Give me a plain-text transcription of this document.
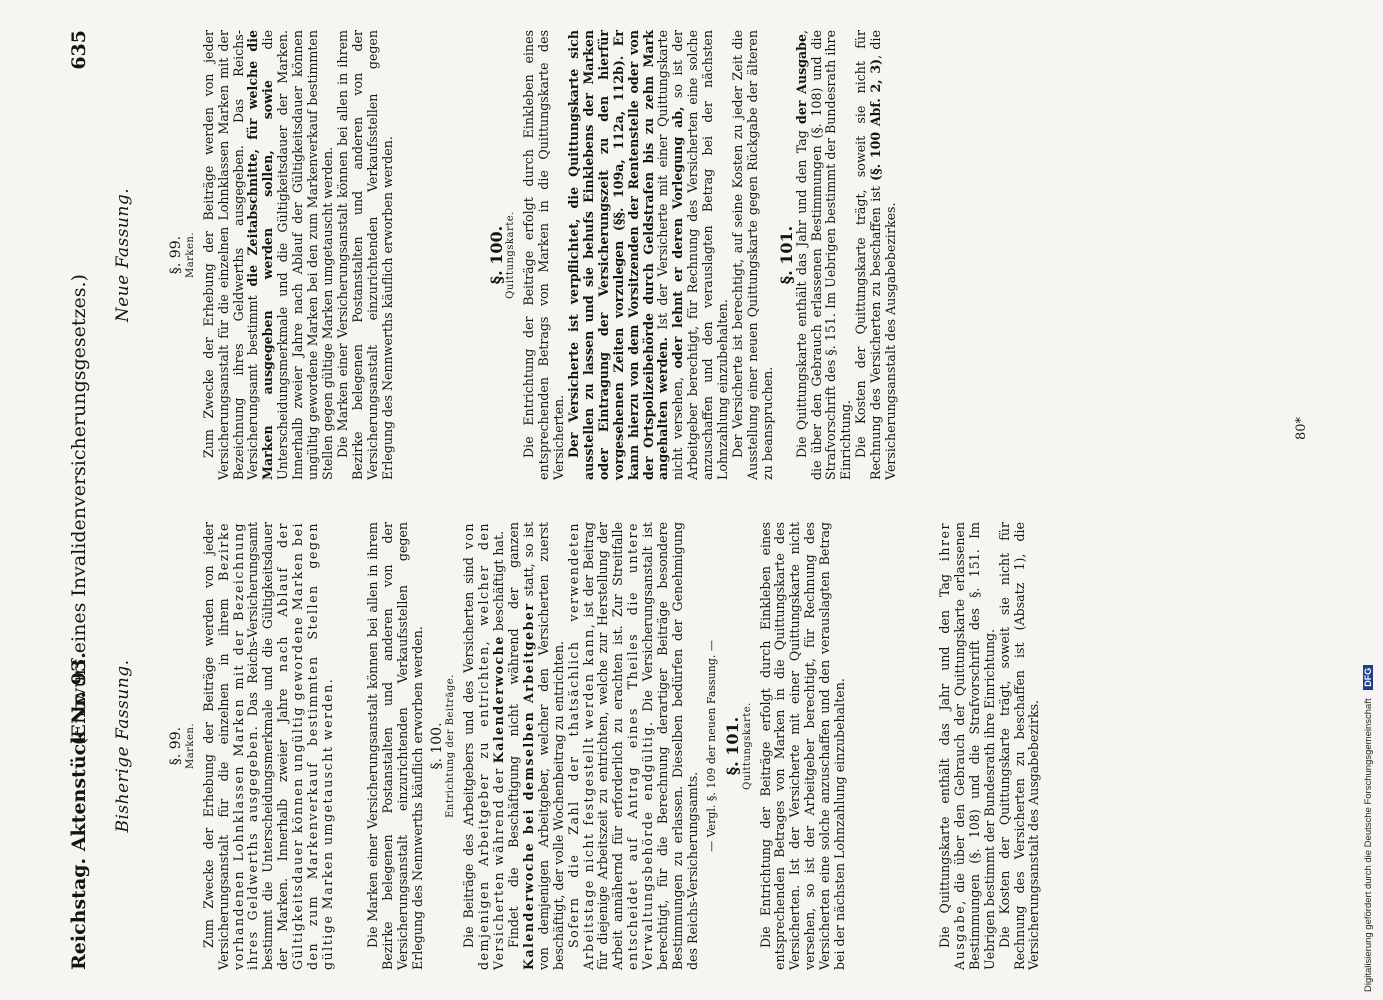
Reichstag. Aktenstück Nr. 93.
(Entwurf eines Invalidenversicherungsgesetzes.)
635
Bisherige Fassung. §. 99. Marken. Zum Zwecke der Erhebung der Beiträge werden von jeder Versicherungsanstalt für die einzelnen in ihrem Bezirke vorhandenen Lohnklassen Marken mit der Bezeichnung ihres Geldwerths ausgegeben. Das Reichs-Versicherungsamt bestimmt die Unterscheidungsmerkmale und die Gültigkeitsdauer der Marken. Innerhalb zweier Jahre nach Ablauf der Gültigkeitsdauer können ungültig gewordene Marken bei den zum Markenverkauf bestimmten Stellen gegen gültige Marken umgetauscht werden. Die Marken einer Versicherungsanstalt können bei allen in ihrem Bezirke belegenen Postanstalten und anderen von der Versicherungsanstalt einzurichtenden Verkaufsstellen gegen Erlegung des Nennwerths käuflich erworben werden. §. 100. Entrichtung der Beiträge. Die Beiträge des Arbeitgebers und des Versicherten sind von demjenigen Arbeitgeber zu entrichten, welcher den Versicherten während der Kalenderwoche beschäftigt hat. Findet die Beschäftigung nicht während der ganzen Kalenderwoche bei demselben Arbeitgeber statt, so ist von demjenigen Arbeitgeber, welcher den Versicherten zuerst beschäftigt, der volle Wochenbeitrag zu entrichten. Sofern die Zahl der thatsächlich verwendeten Arbeitstage nicht festgestellt werden kann, ist der Beitrag für diejenige Arbeitszeit zu entrichten, welche zur Herstellung der Arbeit annähernd für erforderlich zu erachten ist. Zur Streitfalle entscheidet auf Antrag eines Theiles die untere Verwaltungsbehörde endgültig. Die Versicherungsanstalt ist berechtigt, für die Berechnung derartiger Beiträge besondere Bestimmungen zu erlassen. Dieselben bedürfen der Genehmigung des Reichs-Versicherungsamts.

— Vergl. §. 109 der neuen Fassung. — §. 101. Quittungskarte. Die Entrichtung der Beiträge erfolgt durch Einkleben eines entsprechenden Betrages von Marken in die Quittungskarte des Versicherten. Ist der Versicherte mit einer Quittungskarte nicht versehen, so ist der Arbeitgeber berechtigt, für Rechnung des Versicherten eine solche anzuschaffen und den verauslagten Betrag bei der nächsten Lohnzahlung einzubehalten.	Die Quittungskarte enthält das Jahr und den Tag ihrer Ausgabe, die über den Gebrauch der Quittungskarte erlassenen Bestimmungen (§. 108) und die Strafvorschrift des §. 151. Im Uebrigen bestimmt der Bundesrath ihre Einrichtung. Die Kosten der Quittungskarte trägt, soweit sie nicht für Rechnung des Versicherten zu beschaffen ist (Absatz 1), die Versicherungsanstalt des Ausgabebezirks.

Neue Fassung. §. 99. Marken. Zum Zwecke der Erhebung der Beiträge werden von jeder Versicherungsanstalt für die einzelnen Lohnklassen Marken mit der Bezeichnung ihres Geldwerths ausgegeben. Das Reichs-Versicherungsamt bestimmt die Zeitabschnitte, für welche die Marken ausgegeben werden sollen, sowie die Unterscheidungsmerkmale und die Gültigkeitsdauer der Marken. Innerhalb zweier Jahre nach Ablauf der Gültigkeitsdauer können ungültig gewordene Marken bei den zum Markenverkauf bestimmten Stellen gegen gültige Marken umgetauscht werden. Die Marken einer Versicherungsanstalt können bei allen in ihrem Bezirke belegenen Postanstalten und anderen von der Versicherungsanstalt einzurichtenden Verkaufsstellen gegen Erlegung des Nennwerths käuflich erworben werden.	§. 100. Quittungskarte. Die Entrichtung der Beiträge erfolgt durch Einkleben eines entsprechenden Betrags von Marken in die Quittungskarte des Versicherten. Der Versicherte ist verpflichtet, die Quittungskarte sich ausstellen zu lassen und sie behufs Einklebens der Marken oder Eintragung der Versicherungszeit zu den hierfür vorgesehenen Zeiten vorzulegen (§§. 109a, 112a, 112b). Er kann hierzu von dem Vorsitzenden der Rentenstelle oder von der Ortspolizeibehörde durch Geldstrafen bis zu zehn Mark angehalten werden. Ist der Versicherte mit einer Quittungskarte nicht versehen, oder lehnt er deren Vorlegung ab, so ist der Arbeitgeber berechtigt, für Rechnung des Versicherten eine solche anzuschaffen und den verauslagten Betrag bei der nächsten Lohnzahlung einzubehalten. Der Versicherte ist berechtigt, auf seine Kosten zu jeder Zeit die Ausstellung einer neuen Quittungskarte gegen Rückgabe der älteren zu beanspruchen.

§. 101.

Die Quittungskarte enthält das Jahr und den Tag der Ausgabe, die über den Gebrauch erlassenen Bestimmungen (§. 108) und die Strafvorschrift des §. 151. Im Uebrigen bestimmt der Bundesrath ihre Einrichtung. Die Kosten der Quittungskarte trägt, soweit sie nicht für Rechnung des Versicherten zu beschaffen ist (§. 100 Abf. 2, 3), die Versicherungsanstalt des Ausgabebezirkes.	80*
Digitalisierung gefördert durch die Deutsche Forschungsgemeinschaft DFG
